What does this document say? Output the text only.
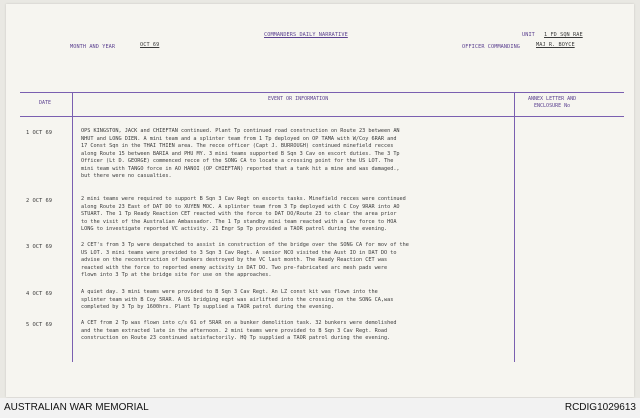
COMMANDERS DAILY NARRATIVE	UNIT 1 FD SQN RAE
MONTH AND YEAR	OCT 69	OFFICER COMMANDING	MAJ R. BOYCE
DATE
EVENT OR INFORMATION	ANNEX LETTER AND
ENCLOSURE No
1 OCT 69	OPS KINGSTON, JACK and CHIEFTAN continued. Plant Tp continued road construction on Route 23 between AN
NHUT and LONG DIEN. A mini team and a splinter team from 1 Tp deployed on OP TAMA with W/Coy 6RAR and
17 Const Sqn in the THAI THIEN area. The recce officer (Capt J. BURROUGH) continued minefield recces
along Route 15 between BARIA and PHU MY. 3 mini teams supported B Sqn 3 Cav on escort duties. The 3 Tp
Officer (Lt D. GEORGE) commenced recce of the SONG CA to locate a crossing point for the US LOT. The
mini team with TANGO force in AO HANOI (OP CHIEFTAN) reported that a tank hit a mine and was damaged.,
but there were no casualties.
2 OCT 69	2 mini teams were required to support B Sqn 3 Cav Regt on escorts tasks. Minefield recces were continued
along Route 23 East of DAT DO to XUYEN MOC. A splinter team from 3 Tp deployed with C Coy 9RAR into AO
STUART. The 1 Tp Ready Reaction CET reacted with the force to DAT DO/Route 23 to clear the area prior
to the visit of the Australian Ambassador. The 1 Tp standby mini team reacted with a Cav force to HOA
LONG to investigate reported VC activity. 21 Engr Sp Tp provided a TAOR patrol during the evening.
3 OCT 69	2 CET's from 3 Tp were despatched to assist in construction of the bridge over the SONG CA for mov of the
US LOT. 3 mini teams were provided to 3 Sqn 3 Cav Regt. A senior NCO visited the Aust IO in DAT DO to
advise on the reconstruction of bunkers destroyed by the VC last month. The Ready Reaction CET was
reacted with the force to reported enemy activity in DAT DO. Two pre-fabricated arc mesh pads were
flown into 3 Tp at the bridge site for use on the approaches.
4 OCT 69	A quiet day. 3 mini teams were provided to B Sqn 3 Cav Regt. An LZ const kit was flown into the
splinter team with B Coy 5RAR. A US bridging eqpt was airlifted into the crossing on the SONG CA,was
completed by 3 Tp by 1600hrs. Plant Tp supplied a TAOR patrol during the evening.
5 OCT 69	A CET from 2 Tp was flown into c/s 61 of 5RAR on a bunker demolition task. 32 bunkers were demolished
and the team extracted late in the afternoon. 2 mini teams were provided to B Sqn 3 Cav Regt. Road
construction on Route 23 continued satisfactorily. HQ Tp supplied a TAOR patrol during the evening.
AUSTRALIAN WAR MEMORIAL	RCDIG1029613
